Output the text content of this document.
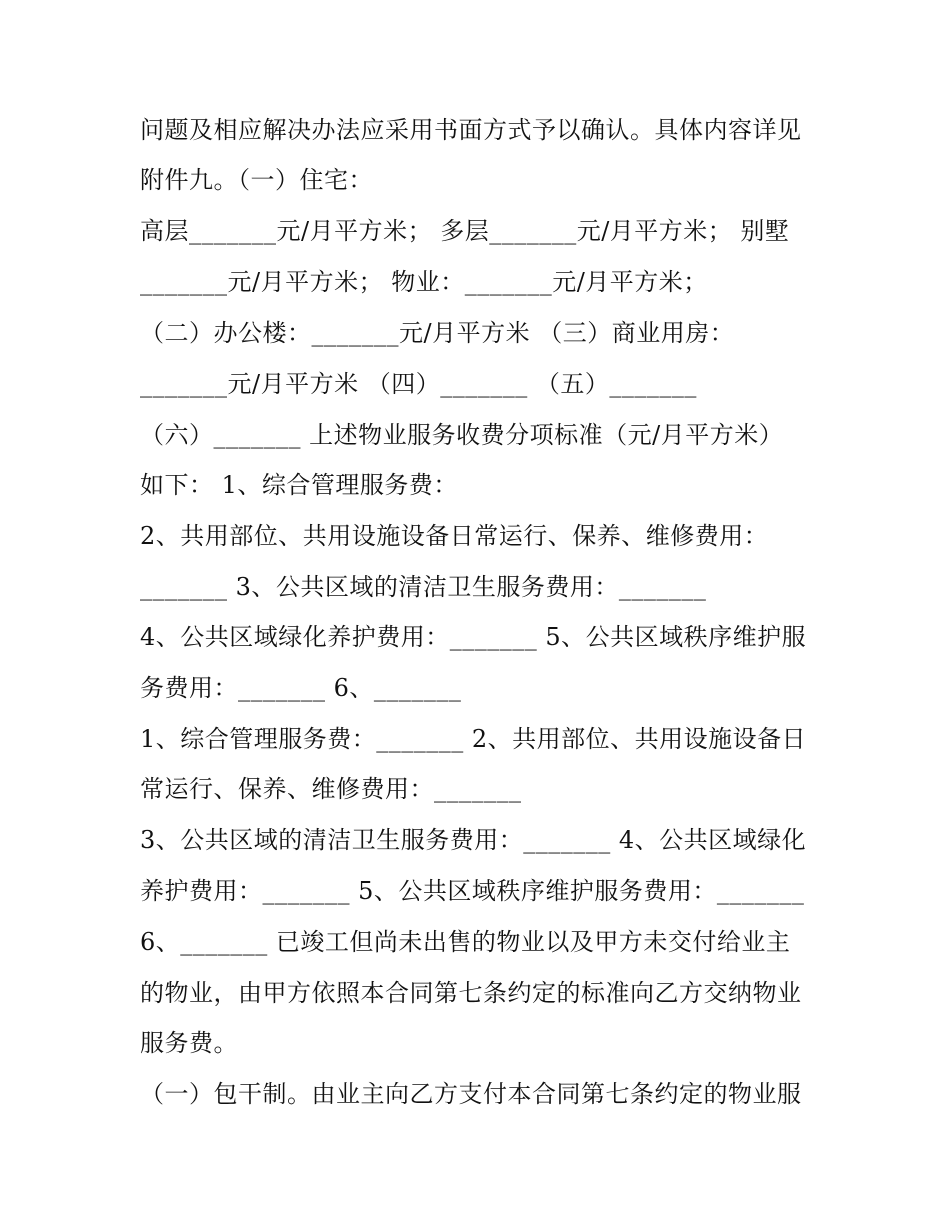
问题及相应解决办法应采用书面方式予以确认。具体内容详见
附件九。（一）住宅：
高层_______元/月平方米； 多层_______元/月平方米； 别墅
_______元/月平方米； 物业：_______元/月平方米；
（二）办公楼：_______元/月平方米 （三）商业用房：
_______元/月平方米 （四）_______ （五）_______
（六）_______ 上述物业服务收费分项标准（元/月平方米）
如下： 1、综合管理服务费：
2、共用部位、共用设施设备日常运行、保养、维修费用：
_______ 3、公共区域的清洁卫生服务费用：_______
4、公共区域绿化养护费用：_______ 5、公共区域秩序维护服
务费用：_______ 6、_______
1、综合管理服务费：_______ 2、共用部位、共用设施设备日
常运行、保养、维修费用：_______
3、公共区域的清洁卫生服务费用：_______ 4、公共区域绿化
养护费用：_______ 5、公共区域秩序维护服务费用：_______
6、_______ 已竣工但尚未出售的物业以及甲方未交付给业主
的物业，由甲方依照本合同第七条约定的标准向乙方交纳物业
服务费。
（一）包干制。由业主向乙方支付本合同第七条约定的物业服
